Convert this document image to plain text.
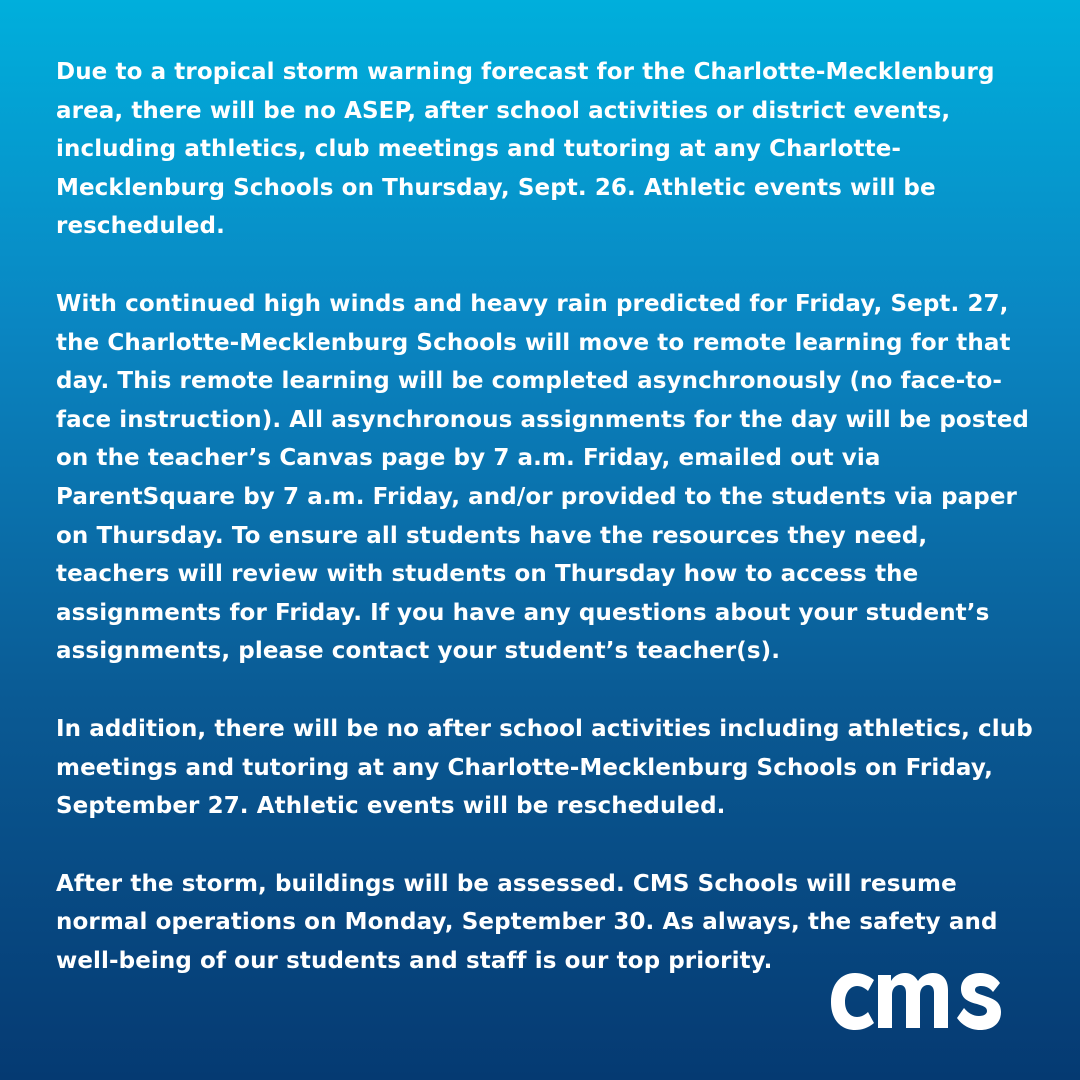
Due to a tropical storm warning forecast for the Charlotte-Mecklenburg area, there will be no ASEP, after school activities or district events, including athletics, club meetings and tutoring at any Charlotte-Mecklenburg Schools on Thursday, Sept. 26. Athletic events will be rescheduled.

With continued high winds and heavy rain predicted for Friday, Sept. 27, the Charlotte-Mecklenburg Schools will move to remote learning for that day. This remote learning will be completed asynchronously (no face-to-face instruction). All asynchronous assignments for the day will be posted on the teacher’s Canvas page by 7 a.m. Friday, emailed out via ParentSquare by 7 a.m. Friday, and/or provided to the students via paper on Thursday. To ensure all students have the resources they need, teachers will review with students on Thursday how to access the assignments for Friday. If you have any questions about your student’s assignments, please contact your student’s teacher(s).

In addition, there will be no after school activities including athletics, club meetings and tutoring at any Charlotte-Mecklenburg Schools on Friday, September 27. Athletic events will be rescheduled.

After the storm, buildings will be assessed. CMS Schools will resume normal operations on Monday, September 30. As always, the safety and well-being of our students and staff is our top priority.
